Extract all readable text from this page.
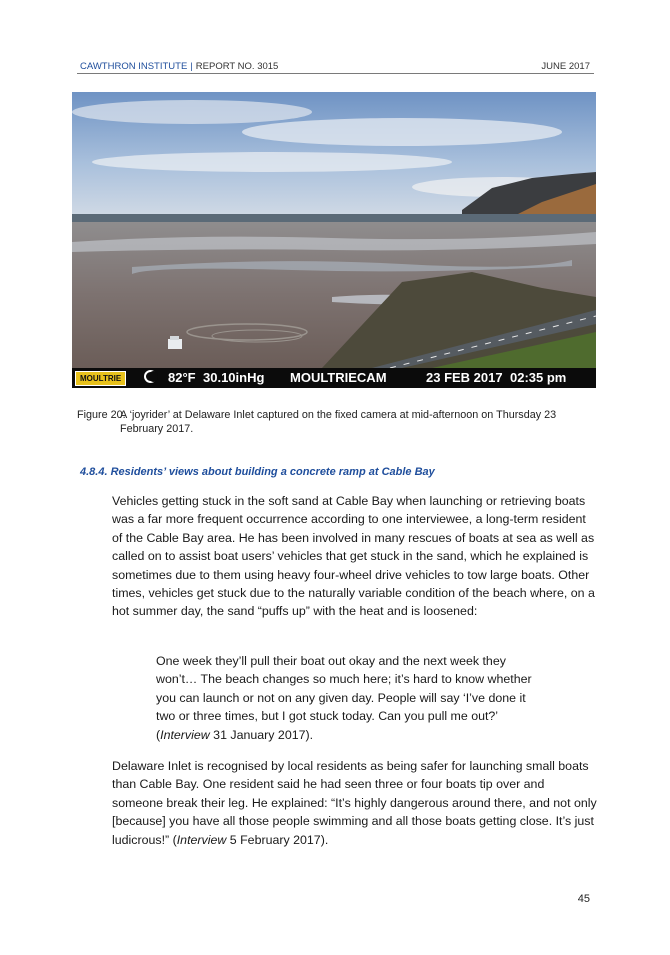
CAWTHRON INSTITUTE | REPORT NO. 3015	JUNE 2017
MOULTRIE	82°F 30.10inHg MOULTRIECAM	23 FEB 2017 02:35 pm
Figure 20.
A ‘joyrider’ at Delaware Inlet captured on the fixed camera at mid-afternoon on Thursday 23 February 2017.
4.8.4. Residents’ views about building a concrete ramp at Cable Bay
Vehicles getting stuck in the soft sand at Cable Bay when launching or retrieving boats was a far more frequent occurrence according to one interviewee, a long-term resident of the Cable Bay area. He has been involved in many rescues of boats at sea as well as called on to assist boat users’ vehicles that get stuck in the sand, which he explained is sometimes due to them using heavy four-wheel drive vehicles to tow large boats. Other times, vehicles get stuck due to the naturally variable condition of the beach where, on a hot summer day, the sand “puffs up” with the heat and is loosened:
One week they’ll pull their boat out okay and the next week they won’t… The beach changes so much here; it’s hard to know whether you can launch or not on any given day. People will say ‘I’ve done it two or three times, but I got stuck today. Can you pull me out?’ (Interview 31 January 2017).
Delaware Inlet is recognised by local residents as being safer for launching small boats than Cable Bay. One resident said he had seen three or four boats tip over and someone break their leg. He explained: “It’s highly dangerous around there, and not only [because] you have all those people swimming and all those boats getting close. It’s just ludicrous!” (Interview 5 February 2017).
45
